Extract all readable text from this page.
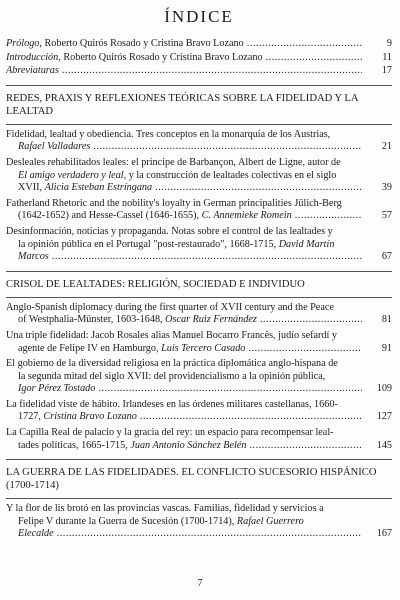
ÍNDICE
Prólogo, Roberto Quirós Rosado y Cristina Bravo Lozano .....	9
Introducción, Roberto Quirós Rosado y Cristina Bravo Lozano .....	11
Abreviaturas .....	17
REDES, PRAXIS Y REFLEXIONES TEÓRICAS SOBRE LA FIDELIDAD Y LA LEALTAD
Fidelidad, lealtad y obediencia. Tres conceptos en la monarquía de los Austrias,
Rafael Valladares .....	21
Desleales rehabilitados leales: el príncipe de Barbançon, Albert de Ligne, autor de
El amigo verdadero y leal, y la construcción de lealtades colectivas en el siglo
XVII, Alicia Esteban Estríngana .....	39
Fatherland Rhetoric and the nobility's loyalty in German principalities Jülich-Berg
(1642-1652) and Hesse-Cassel (1646-1655), C. Annemieke Romein .....	57
Desinformación, noticias y propaganda. Notas sobre el control de las lealtades y
la opinión pública en el Portugal "post-restaurado", 1668-1715, David Martín
Marcos .....	67
CRISOL DE LEALTADES: RELIGIÓN, SOCIEDAD E INDIVIDUO
Anglo-Spanish diplomacy during the first quarter of XVII century and the Peace
of Westphalia-Münster, 1603-1648, Óscar Ruiz Fernández .....	81
Una triple fidelidad: Jacob Rosales alias Manuel Bocarro Francês, judío sefardí y
agente de Felipe IV en Hamburgo, Luis Tercero Casado .....	91
El gobierno de la diversidad religiosa en la práctica diplomática anglo-hispana de
la segunda mitad del siglo XVII: del providencialismo a la opinión pública,
Igor Pérez Tostado .....	109
La fidelidad viste de hábito. Irlandeses en las órdenes militares castellanas, 1660-
1727, Cristina Bravo Lozano .....	127
La Capilla Real de palacio y la gracia del rey: un espacio para recompensar leal-
tades políticas, 1665-1715, Juan Antonio Sánchez Belén .....	145
LA GUERRA DE LAS FIDELIDADES. EL CONFLICTO SUCESORIO HISPÁNICO (1700-1714)
Y la flor de lis brotó en las provincias vascas. Familias, fidelidad y servicios a
Felipe V durante la Guerra de Sucesión (1700-1714), Rafael Guerrero
Elecalde .....	167
7
